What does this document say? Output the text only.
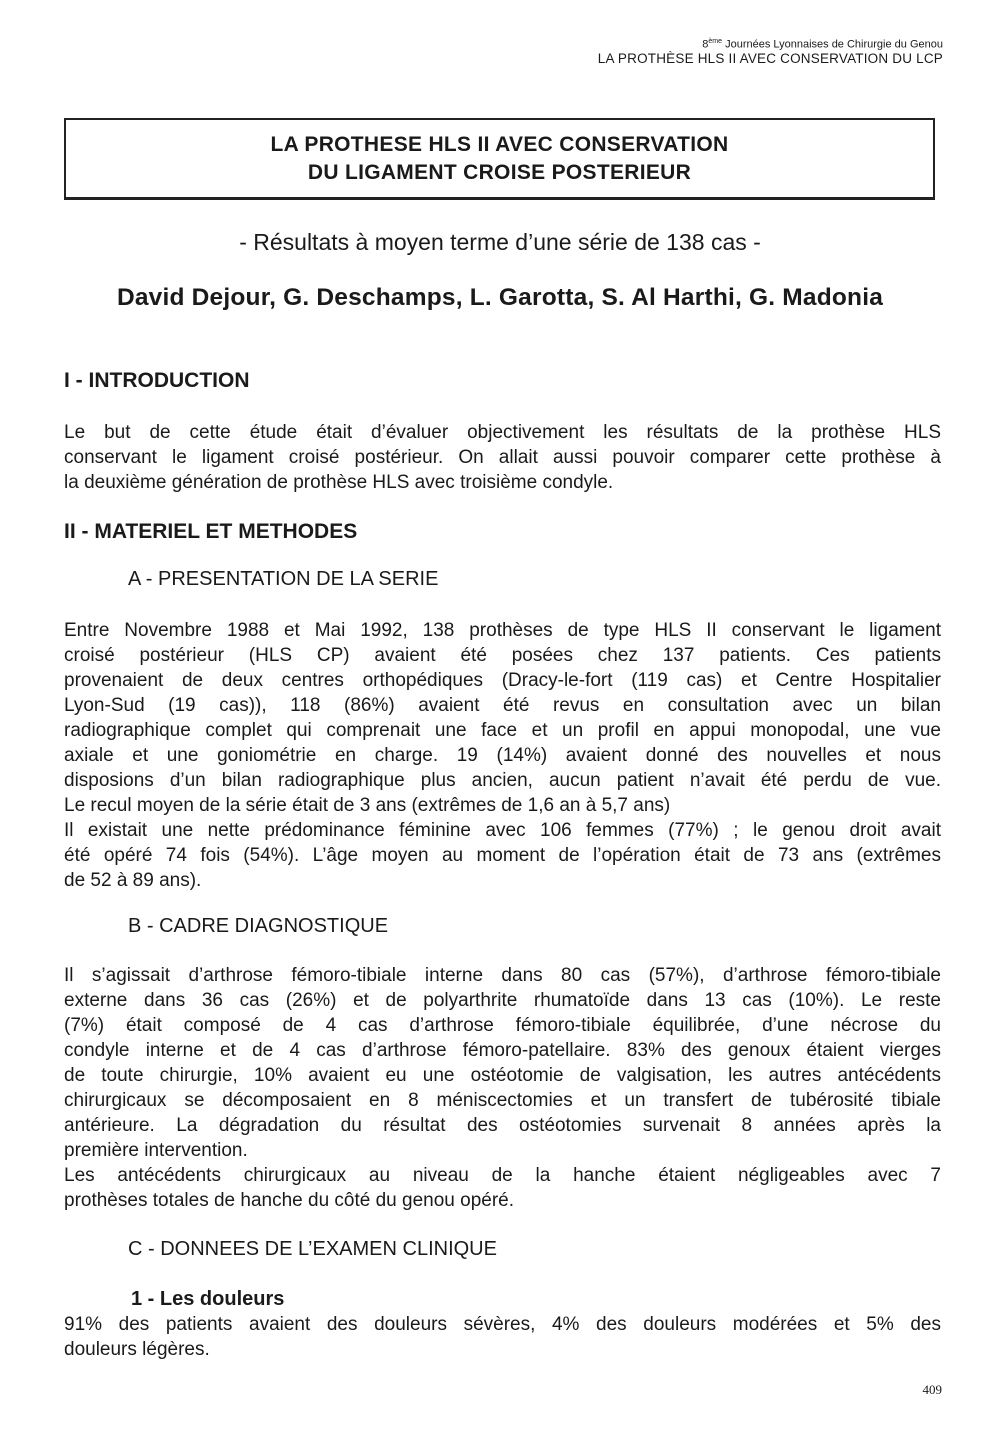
8ème Journées Lyonnaises de Chirurgie du Genou
LA PROTHÈSE HLS II AVEC CONSERVATION DU LCP
LA PROTHESE HLS II AVEC CONSERVATION
DU LIGAMENT CROISE POSTERIEUR
- Résultats à moyen terme d’une série de 138 cas -
David Dejour, G. Deschamps, L. Garotta, S. Al Harthi, G. Madonia
I - INTRODUCTION
Le but de cette étude était d’évaluer objectivement les résultats de la prothèse HLS
conservant le ligament croisé postérieur. On allait aussi pouvoir comparer cette prothèse à
la deuxième génération de prothèse HLS avec troisième condyle.
II - MATERIEL ET METHODES
A - PRESENTATION DE LA SERIE
Entre Novembre 1988 et Mai 1992, 138 prothèses de type HLS II conservant le ligament
croisé postérieur (HLS CP) avaient été posées chez 137 patients. Ces patients
provenaient de deux centres orthopédiques (Dracy-le-fort (119 cas) et Centre Hospitalier
Lyon-Sud (19 cas)), 118 (86%) avaient été revus en consultation avec un bilan
radiographique complet qui comprenait une face et un profil en appui monopodal, une vue
axiale et une goniométrie en charge. 19 (14%) avaient donné des nouvelles et nous
disposions d’un bilan radiographique plus ancien, aucun patient n’avait été perdu de vue.
Le recul moyen de la série était de 3 ans (extrêmes de 1,6 an à 5,7 ans)
Il existait une nette prédominance féminine avec 106 femmes (77%) ; le genou droit avait
été opéré 74 fois (54%). L’âge moyen au moment de l’opération était de 73 ans (extrêmes
de 52 à 89 ans).
B - CADRE DIAGNOSTIQUE
Il s’agissait d’arthrose fémoro-tibiale interne dans 80 cas (57%), d’arthrose fémoro-tibiale
externe dans 36 cas (26%) et de polyarthrite rhumatoïde dans 13 cas (10%). Le reste
(7%) était composé de 4 cas d’arthrose fémoro-tibiale équilibrée, d’une nécrose du
condyle interne et de 4 cas d’arthrose fémoro-patellaire. 83% des genoux étaient vierges
de toute chirurgie, 10% avaient eu une ostéotomie de valgisation, les autres antécédents
chirurgicaux se décomposaient en 8 méniscectomies et un transfert de tubérosité tibiale
antérieure. La dégradation du résultat des ostéotomies survenait 8 années après la
première intervention.
Les antécédents chirurgicaux au niveau de la hanche étaient négligeables avec 7
prothèses totales de hanche du côté du genou opéré.
C - DONNEES DE L’EXAMEN CLINIQUE
1 - Les douleurs
91% des patients avaient des douleurs sévères, 4% des douleurs modérées et 5% des
douleurs légères.
409
